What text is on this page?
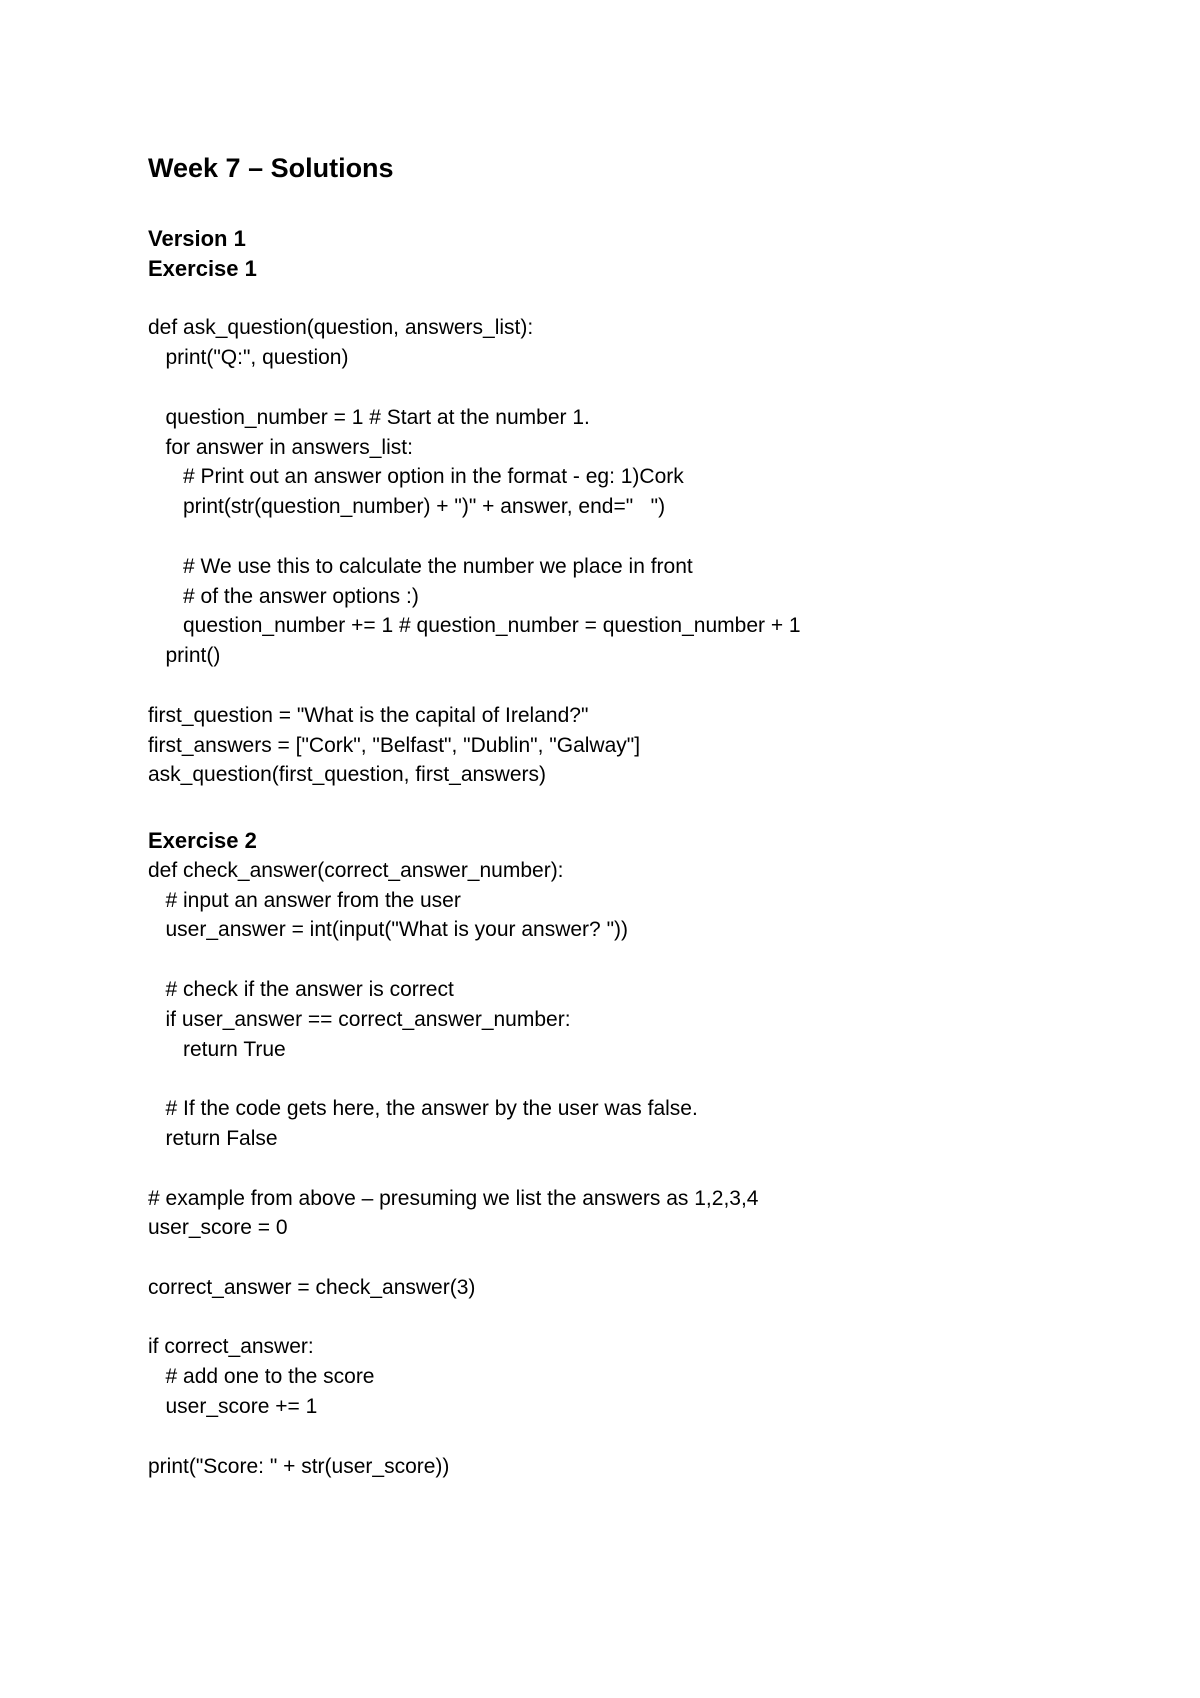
Week 7 – Solutions
Version 1
Exercise 1
def ask_question(question, answers_list):
print("Q:", question)
question_number = 1 # Start at the number 1.
for answer in answers_list:
# Print out an answer option in the format - eg: 1)Cork
print(str(question_number) + ")" + answer, end="   ")
# We use this to calculate the number we place in front
# of the answer options :)
question_number += 1 # question_number = question_number + 1
print()
first_question = "What is the capital of Ireland?"
first_answers = ["Cork", "Belfast", "Dublin", "Galway"]
ask_question(first_question, first_answers)
Exercise 2
def check_answer(correct_answer_number):
# input an answer from the user
user_answer = int(input("What is your answer? "))
# check if the answer is correct
if user_answer == correct_answer_number:
return True
# If the code gets here, the answer by the user was false.
return False
# example from above – presuming we list the answers as 1,2,3,4
user_score = 0
correct_answer = check_answer(3)
if correct_answer:
# add one to the score
user_score += 1
print("Score: " + str(user_score))
